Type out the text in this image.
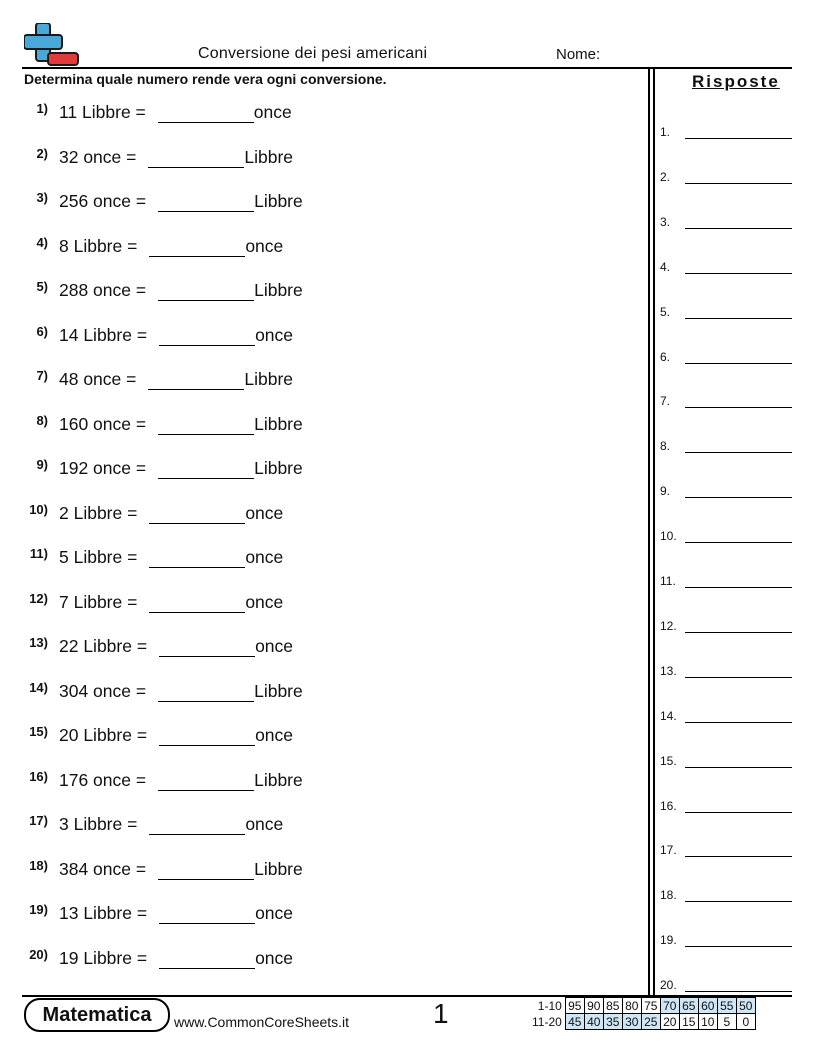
Conversione dei pesi americani	Nome:
Determina quale numero rende vera ogni conversione.
1) 11 Libbre =	once
2) 32 once =	Libbre
3) 256 once =	Libbre
4) 8 Libbre =	once
5) 288 once =	Libbre
6) 14 Libbre =	once
7) 48 once =	Libbre
8) 160 once =	Libbre
9) 192 once =	Libbre
10) 2 Libbre =	once
11) 5 Libbre =	once
12) 7 Libbre =	once
13) 22 Libbre =	once
14) 304 once =	Libbre
15) 20 Libbre =	once
16) 176 once =	Libbre
17) 3 Libbre =	once
18) 384 once =	Libbre
19) 13 Libbre =	once
20) 19 Libbre =	once
Risposte
1.
2.
3.
4.
5.
6.
7.
8.
9.
10.
11.
12.
13.
14.
15.
16.
17.
18.
19.
20.
Matematica	www.CommonCoreSheets.it	1	1-10	95	90	85	80	75	70	65	60	55	50
11-20	45	40	35	30	25	20	15	10	5	0
